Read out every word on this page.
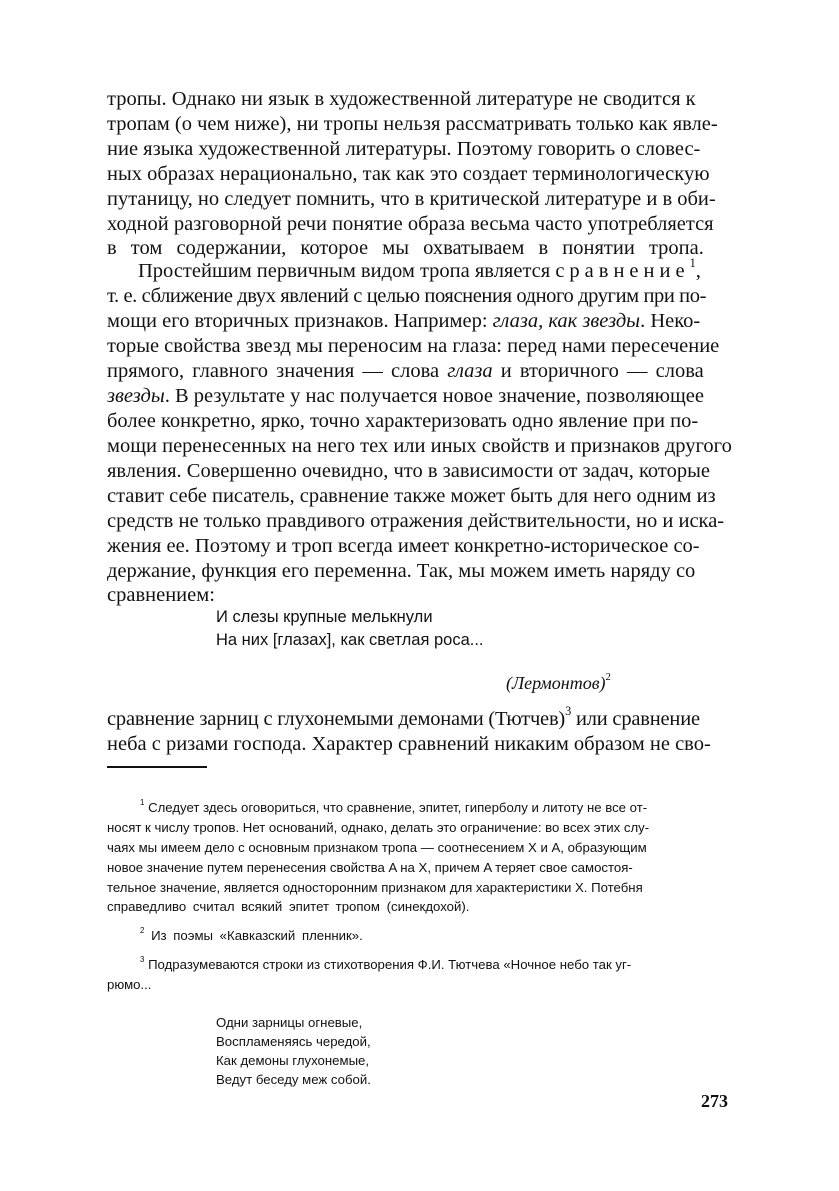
тропы. Однако ни язык в художественной литературе не сводится к
тропам (о чем ниже), ни тропы нельзя рассматривать только как явле-
ние языка художественной литературы. Поэтому говорить о словес-
ных образах нерационально, так как это создает терминологическую
путаницу, но следует помнить, что в критической литературе и в оби-
ходной разговорной речи понятие образа весьма часто употребляется
в том содержании, которое мы охватываем в понятии тропа.
Простейшим первичным видом тропа является сравнение$^1$,
т. е. сближение двух явлений с целью пояснения одного другим при по-
мощи его вторичных признаков. Например: глаза, как звезды. Неко-
торые свойства звезд мы переносим на глаза: перед нами пересечение
прямого, главного значения — слова глаза и вторичного — слова
звезды. В результате у нас получается новое значение, позволяющее
более конкретно, ярко, точно характеризовать одно явление при по-
мощи перенесенных на него тех или иных свойств и признаков другого
явления. Совершенно очевидно, что в зависимости от задач, которые
ставит себе писатель, сравнение также может быть для него одним из
средств не только правдивого отражения действительности, но и иска-
жения ее. Поэтому и троп всегда имеет конкретно-историческое со-
держание, функция его переменна. Так, мы можем иметь наряду со
сравнением:
И слезы крупные мелькнули
На них [глазах], как светлая роса...
(Лермонтов)$^2$
сравнение зарниц с глухонемыми демонами (Тютчев)$^3$ или сравнение
неба с ризами господа. Характер сравнений никаким образом не сво-
$^1$ Следует здесь оговориться, что сравнение, эпитет, гиперболу и литоту не все от-
носят к числу тропов. Нет оснований, однако, делать это ограничение: во всех этих слу-
чаях мы имеем дело с основным признаком тропа — соотнесением X и A, образующим
новое значение путем перенесения свойства A на X, причем A теряет свое самостоя-
тельное значение, является односторонним признаком для характеристики X. Потебня
справедливо считал всякий эпитет тропом (синекдохой).
$^2$ Из поэмы «Кавказский пленник».
$^3$ Подразумеваются строки из стихотворения Ф.И. Тютчева «Ночное небо так уг-
рюмо...
Одни зарницы огневые,
Воспламеняясь чередой,
Как демоны глухонемые,
Ведут беседу меж собой.
273
